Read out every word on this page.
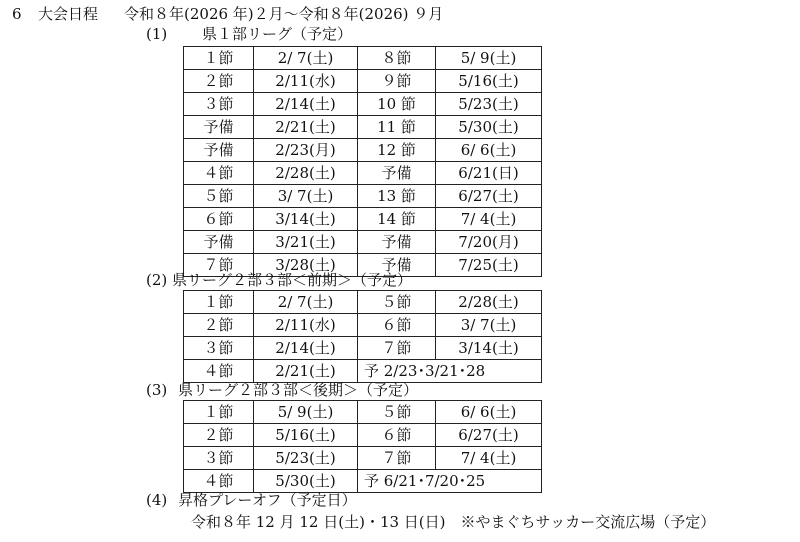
6 大会日程 令和８年(2026 年)２月～令和８年(2026) ９月
(1) 県１部リーグ（予定）
１節	2/ 7(土)	８節	5/ 9(土)
２節	2/11(水)	９節	5/16(土)
３節	2/14(土)	10 節	5/23(土)
予備	2/21(土)	11 節	5/30(土)
予備	2/23(月)	12 節	6/ 6(土)
４節	2/28(土)	予備	6/21(日)
５節	3/ 7(土)	13 節	6/27(土)
６節	3/14(土)	14 節	7/ 4(土)
予備	3/21(土)	予備	7/20(月)
７節	3/28(土)	予備	7/25(土)
(2) 県リーグ２部３部＜前期＞（予定）
１節	2/ 7(土)	５節	2/28(土)
２節	2/11(水)	６節	3/ 7(土)
３節	2/14(土)	７節	3/14(土)
４節	2/21(土)	予 2/23･3/21･28	
(3) 県リーグ２部３部＜後期＞（予定）
１節	5/ 9(土)	５節	6/ 6(土)
２節	5/16(土)	６節	6/27(土)
３節	5/23(土)	７節	7/ 4(土)
４節	5/30(土)	予 6/21･7/20･25	
(4) 昇格プレーオフ（予定日）
令和８年 12 月 12 日(土)・13 日(日)　※やまぐちサッカー交流広場（予定）
